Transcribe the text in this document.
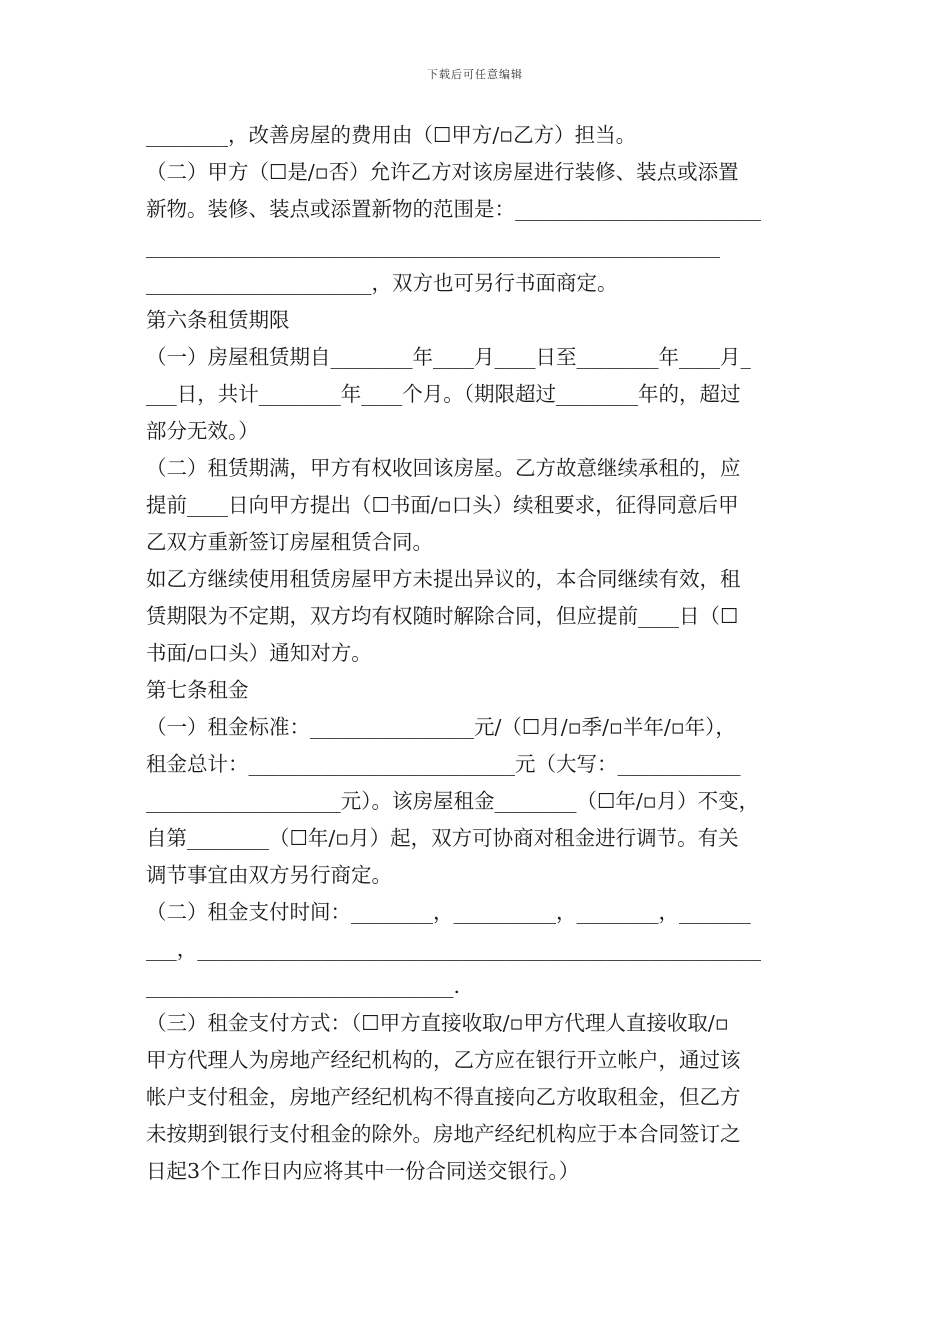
下载后可任意编辑
________，改善房屋的费用由（☐甲方/▫乙方）担当。
（二）甲方（☐是/▫否）允许乙方对该房屋进行装修、装点或添置
新物。装修、装点或添置新物的范围是：________________________
________________________________________________________
______________________，双方也可另行书面商定。
第六条租赁期限
（一）房屋租赁期自________年____月____日至________年____月_
___日，共计________年____个月。（期限超过________年的，超过
部分无效。）
（二）租赁期满，甲方有权收回该房屋。乙方故意继续承租的，应
提前____日向甲方提出（☐书面/▫口头）续租要求，征得同意后甲
乙双方重新签订房屋租赁合同。
如乙方继续使用租赁房屋甲方未提出异议的，本合同继续有效，租
赁期限为不定期，双方均有权随时解除合同，但应提前____日（☐
书面/▫口头）通知对方。
第七条租金
（一）租金标准：________________元/（☐月/▫季/▫半年/▫年），
租金总计：__________________________元（大写：____________
___________________元）。该房屋租金________（☐年/▫月）不变，
自第________（☐年/▫月）起，双方可协商对租金进行调节。有关
调节事宜由双方另行商定。
（二）租金支付时间：________，__________，________，_______
___，_______________________________________________________
______________________________.
（三）租金支付方式：（☐甲方直接收取/▫甲方代理人直接收取/▫
甲方代理人为房地产经纪机构的，乙方应在银行开立帐户，通过该
帐户支付租金，房地产经纪机构不得直接向乙方收取租金，但乙方
未按期到银行支付租金的除外。房地产经纪机构应于本合同签订之
日起3个工作日内应将其中一份合同送交银行。）
